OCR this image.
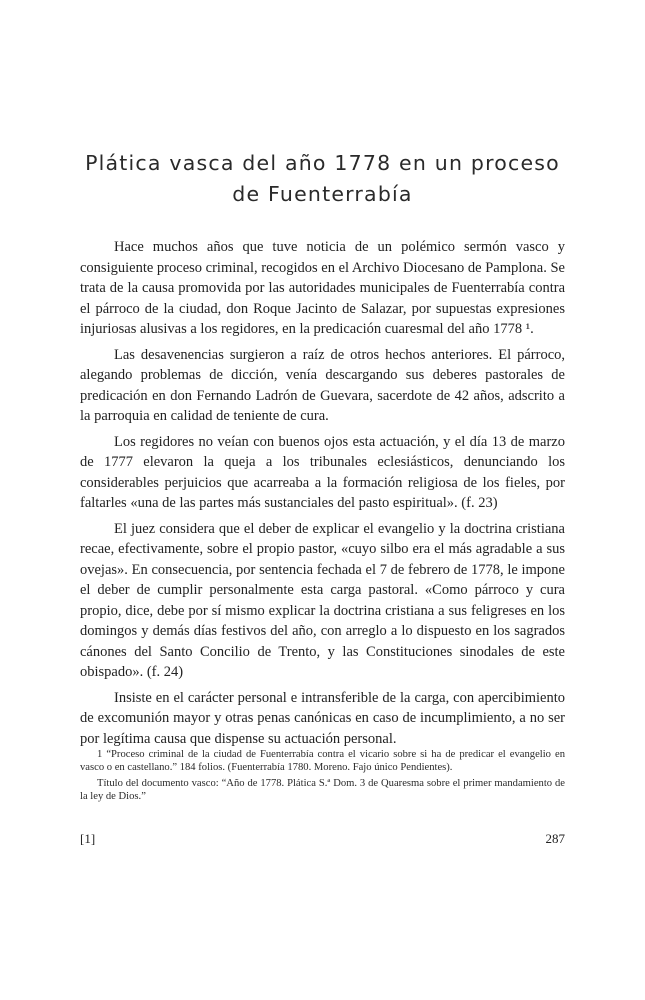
Plática vasca del año 1778 en un proceso
de Fuenterrabía

Hace muchos años que tuve noticia de un polémico sermón vasco y consiguiente proceso criminal, recogidos en el Archivo Diocesano de Pamplona. Se trata de la causa promovida por las autoridades municipales de Fuenterrabía contra el párroco de la ciudad, don Roque Jacinto de Salazar, por supuestas expresiones injuriosas alusivas a los regidores, en la predicación cuaresmal del año 1778 ¹.

Las desavenencias surgieron a raíz de otros hechos anteriores. El párroco, alegando problemas de dicción, venía descargando sus deberes pastorales de predicación en don Fernando Ladrón de Guevara, sacerdote de 42 años, adscrito a la parroquia en calidad de teniente de cura.

Los regidores no veían con buenos ojos esta actuación, y el día 13 de marzo de 1777 elevaron la queja a los tribunales eclesiásticos, denunciando los considerables perjuicios que acarreaba a la formación religiosa de los fieles, por faltarles «una de las partes más sustanciales del pasto espiritual». (f. 23)

El juez considera que el deber de explicar el evangelio y la doctrina cristiana recae, efectivamente, sobre el propio pastor, «cuyo silbo era el más agradable a sus ovejas». En consecuencia, por sentencia fechada el 7 de febrero de 1778, le impone el deber de cumplir personalmente esta carga pastoral. «Como párroco y cura propio, dice, debe por sí mismo explicar la doctrina cristiana a sus feligreses en los domingos y demás días festivos del año, con arreglo a lo dispuesto en los sagrados cánones del Santo Concilio de Trento, y las Constituciones sinodales de este obispado». (f. 24)

Insiste en el carácter personal e intransferible de la carga, con apercibimiento de excomunión mayor y otras penas canónicas en caso de incumplimiento, a no ser por legítima causa que dispense su actuación personal.

1 “Proceso criminal de la ciudad de Fuenterrabía contra el vicario sobre si ha de predicar el evangelio en vasco o en castellano.” 184 folios. (Fuenterrabía 1780. Moreno. Fajo único Pendientes).

Título del documento vasco: “Año de 1778. Plática S.ª Dom. 3 de Quaresma sobre el primer mandamiento de la ley de Dios.”

[1]	287
